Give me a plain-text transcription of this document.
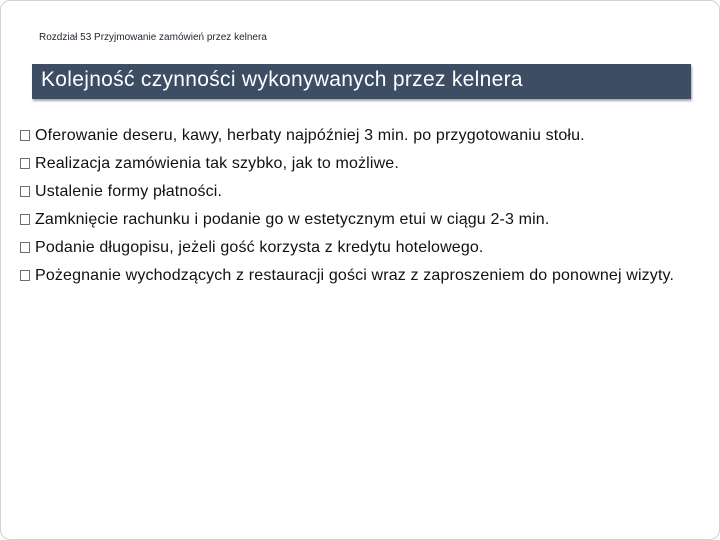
Rozdział 53 Przyjmowanie zamówień przez kelnera
Kolejność czynności wykonywanych przez kelnera
Oferowanie deseru, kawy, herbaty najpóźniej 3 min. po przygotowaniu stołu.
Realizacja zamówienia tak szybko, jak to możliwe.
Ustalenie formy płatności.
Zamknięcie rachunku i podanie go w estetycznym etui w ciągu 2-3 min.
Podanie długopisu, jeżeli gość korzysta z kredytu hotelowego.
Pożegnanie wychodzących z restauracji gości wraz z zaproszeniem do ponownej wizyty.
